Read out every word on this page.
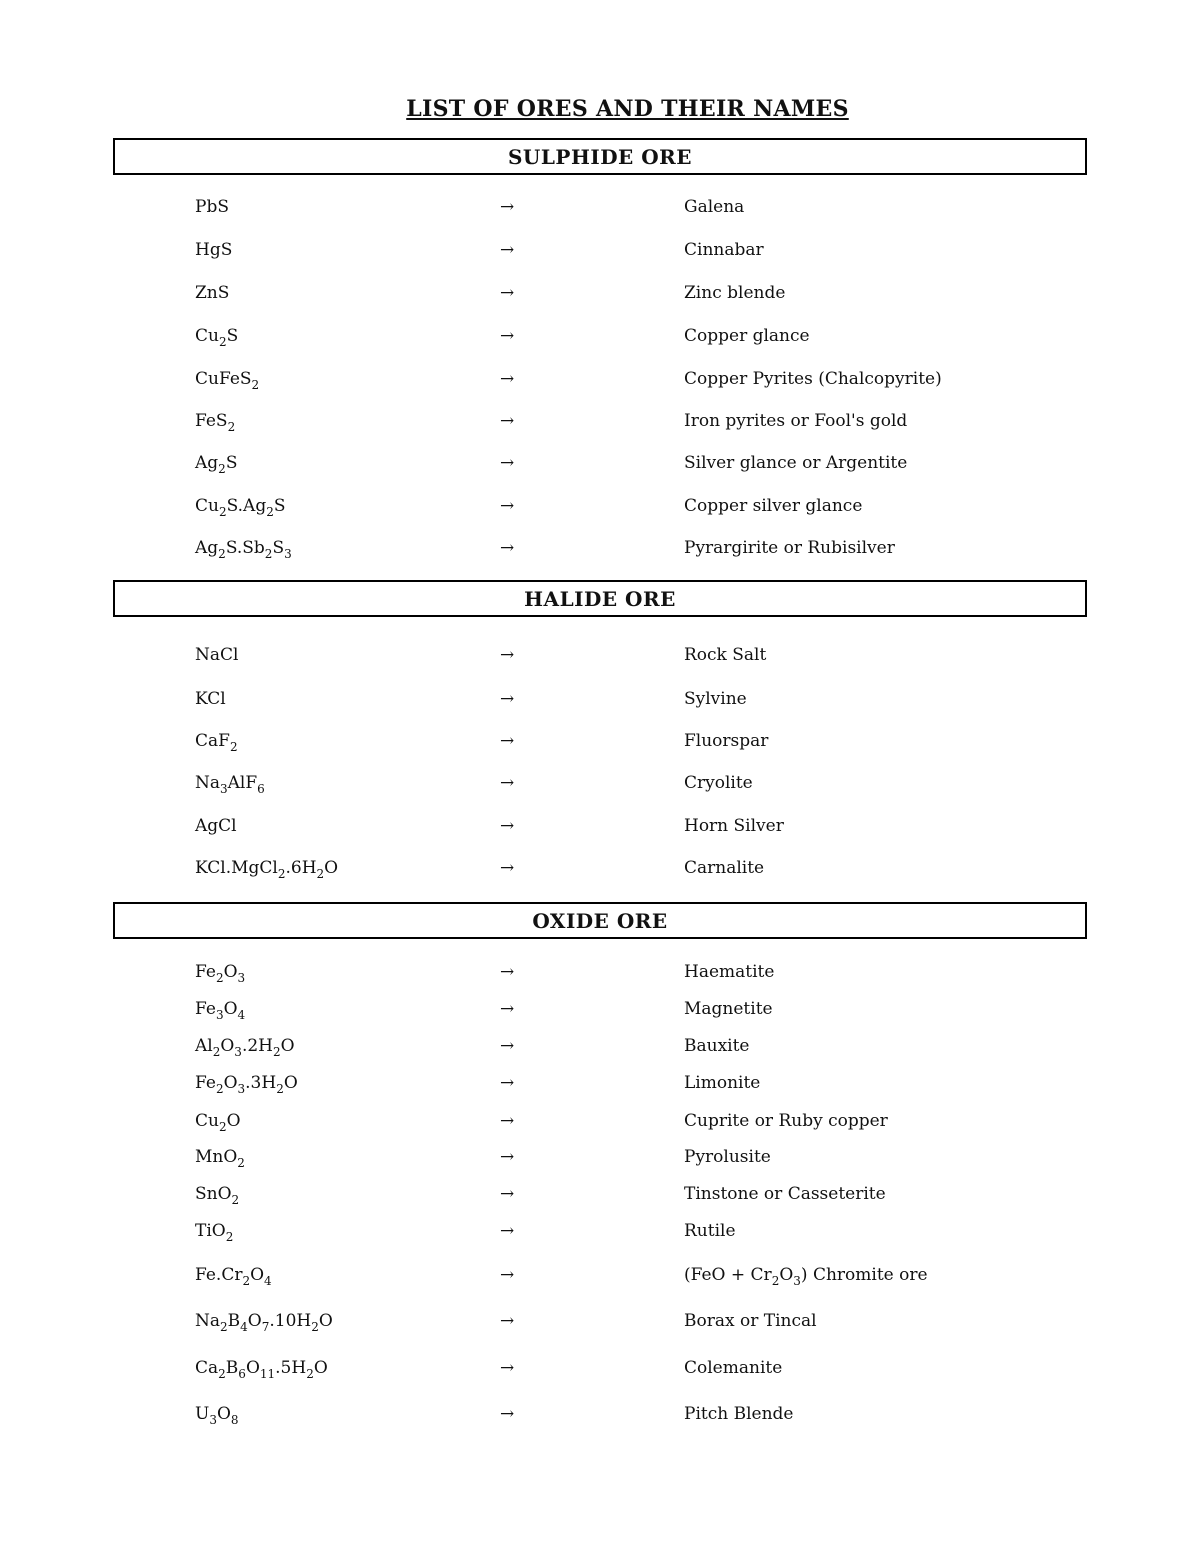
LIST OF ORES AND THEIR NAMES
SULPHIDE ORE
PbS	→	Galena
HgS	→	Cinnabar
ZnS	→	Zinc blende
$Cu_2S$	→	Copper glance
CuFeS$_2$	→	Copper Pyrites (Chalcopyrite)
FeS$_2$	→	Iron pyrites or Fool's gold
$Ag_2S$	→	Silver glance or Argentite
$Cu_2S.Ag_2S$	→	Copper silver glance
$Ag_2S.Sb_2S_3$	→	Pyrargirite or Rubisilver
HALIDE ORE
NaCl	→	Rock Salt
KCl	→	Sylvine
CaF$_2$	→	Fluorspar
$Na_3AlF_6$	→	Cryolite
AgCl	→	Horn Silver
$KCl.MgCl_2.6H_2O$	→	Carnalite
OXIDE ORE
$Fe_2O_3$	→	Haematite
$Fe_3O_4$	→	Magnetite
$Al_2O_3.2H_2O$	→	Bauxite
$Fe_2O_3.3H_2O$	→	Limonite
$Cu_2O$	→	Cuprite or Ruby copper
MnO$_2$	→	Pyrolusite
SnO$_2$	→	Tinstone or Casseterite
TiO$_2$	→	Rutile
$Fe.Cr_2O_4$	→	$(FeO + Cr_2O_3)$ Chromite ore
$Na_2B_4O_7.10H_2O$	→	Borax or Tincal
$Ca_2B_6O_{11}.5H_2O$	→	Colemanite
$U_3O_8$	→	Pitch Blende
